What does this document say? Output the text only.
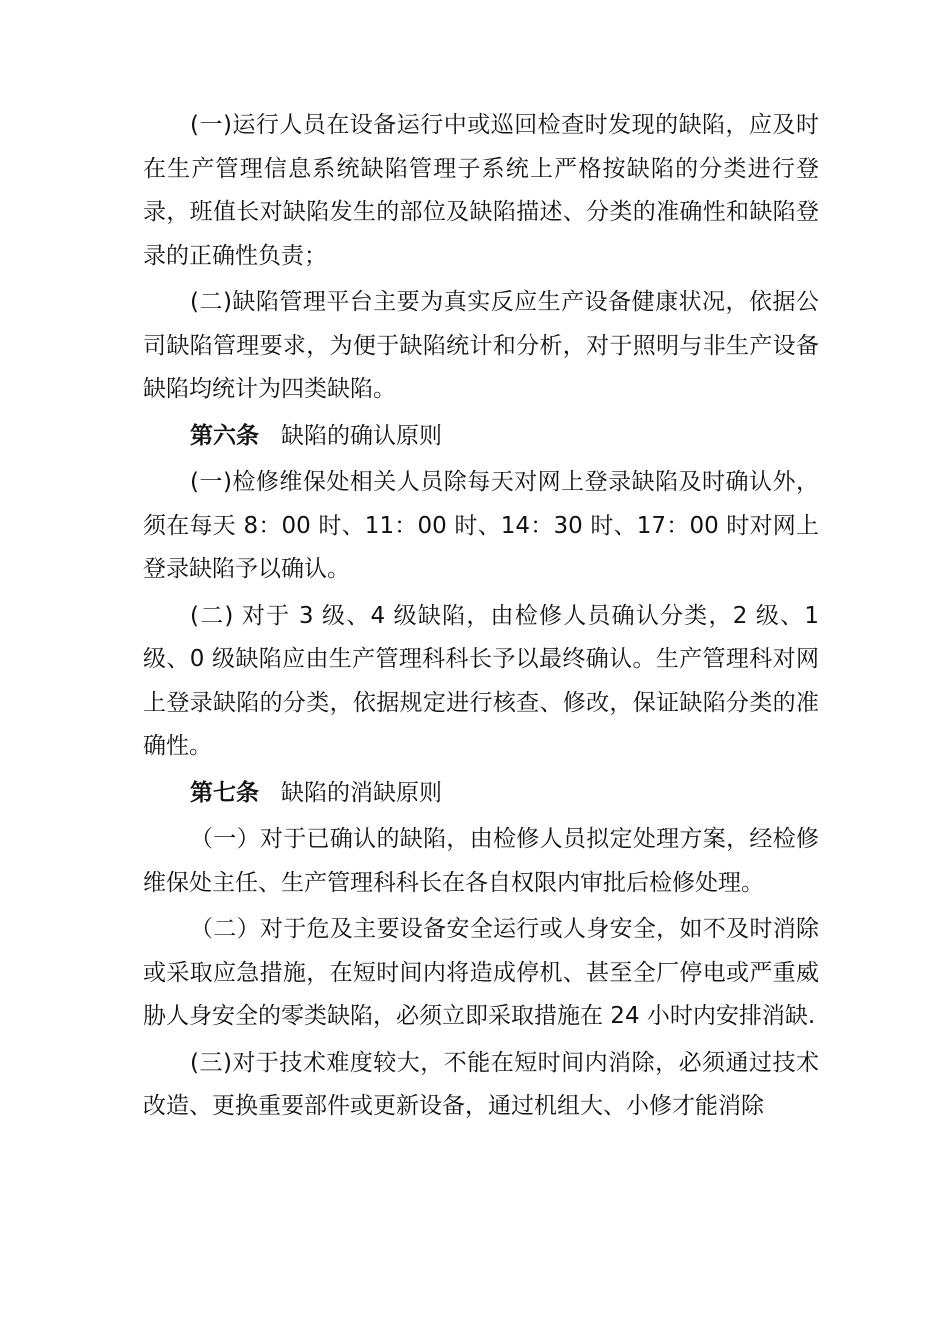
(一)运行人员在设备运行中或巡回检查时发现的缺陷，应及时在生产管理信息系统缺陷管理子系统上严格按缺陷的分类进行登录，班值长对缺陷发生的部位及缺陷描述、分类的准确性和缺陷登录的正确性负责；

(二)缺陷管理平台主要为真实反应生产设备健康状况，依据公司缺陷管理要求，为便于缺陷统计和分析，对于照明与非生产设备缺陷均统计为四类缺陷。

第六条 缺陷的确认原则

(一)检修维保处相关人员除每天对网上登录缺陷及时确认外，须在每天 8：00 时、11：00 时、14：30 时、17：00 时对网上登录缺陷予以确认。

(二) 对于 3 级、4 级缺陷，由检修人员确认分类，2 级、1级、0 级缺陷应由生产管理科科长予以最终确认。生产管理科对网上登录缺陷的分类，依据规定进行核查、修改，保证缺陷分类的准确性。

第七条 缺陷的消缺原则

（一）对于已确认的缺陷，由检修人员拟定处理方案，经检修维保处主任、生产管理科科长在各自权限内审批后检修处理。

（二）对于危及主要设备安全运行或人身安全，如不及时消除或采取应急措施，在短时间内将造成停机、甚至全厂停电或严重威胁人身安全的零类缺陷，必须立即采取措施在 24 小时内安排消缺.

(三)对于技术难度较大，不能在短时间内消除，必须通过技术改造、更换重要部件或更新设备，通过机组大、小修才能消除
